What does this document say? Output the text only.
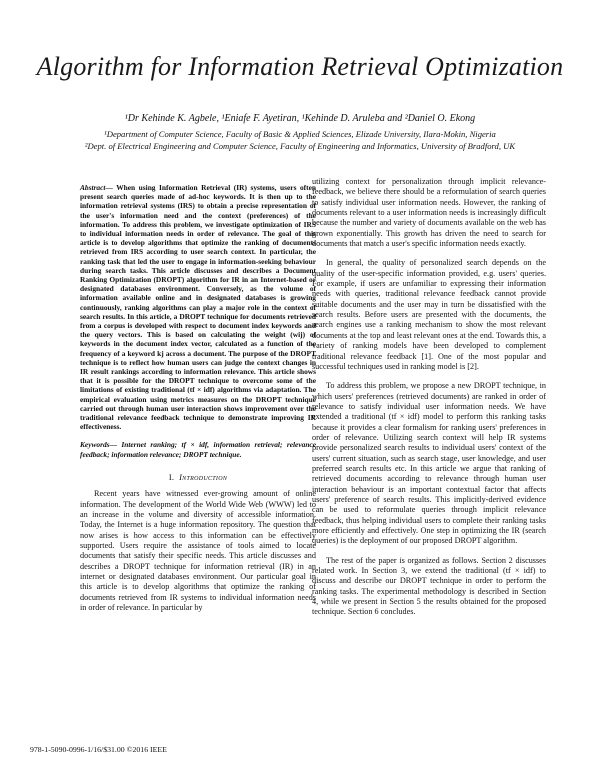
Algorithm for Information Retrieval Optimization
¹Dr Kehinde K. Agbele, ¹Eniafe F. Ayetiran, ¹Kehinde D. Aruleba and ²Daniel O. Ekong
¹Department of Computer Science, Faculty of Basic & Applied Sciences, Elizade University, Ilara-Mokin, Nigeria
²Dept. of Electrical Engineering and Computer Science, Faculty of Engineering and Informatics, University of Bradford, UK
Abstract— When using Information Retrieval (IR) systems, users often present search queries made of ad-hoc keywords. It is then up to the information retrieval systems (IRS) to obtain a precise representation of the user's information need and the context (preferences) of the information. To address this problem, we investigate optimization of IRS to individual information needs in order of relevance. The goal of this article is to develop algorithms that optimize the ranking of documents retrieved from IRS according to user search context. In particular, the ranking task that led the user to engage in information-seeking behaviour during search tasks. This article discusses and describes a Document Ranking Optimization (DROPT) algorithm for IR in an Internet-based or designated databases environment. Conversely, as the volume of information available online and in designated databases is growing continuously, ranking algorithms can play a major role in the context of search results. In this article, a DROPT technique for documents retrieved from a corpus is developed with respect to document index keywords and the query vectors. This is based on calculating the weight (wij) of keywords in the document index vector, calculated as a function of the frequency of a keyword kj across a document. The purpose of the DROPT technique is to reflect how human users can judge the context changes in IR result rankings according to information relevance. This article shows that it is possible for the DROPT technique to overcome some of the limitations of existing traditional (tf × idf) algorithms via adaptation. The empirical evaluation using metrics measures on the DROPT technique carried out through human user interaction shows improvement over the traditional relevance feedback technique to demonstrate improving IR effectiveness.
Keywords— Internet ranking; tf × idf, information retrieval; relevance feedback; information relevance; DROPT technique.
I. Introduction

Recent years have witnessed ever-growing amount of online information. The development of the World Wide Web (WWW) led to an increase in the volume and diversity of accessible information. Today, the Internet is a huge information repository. The question that now arises is how access to this information can be effectively supported. Users require the assistance of tools aimed to locate documents that satisfy their specific needs. This article discusses and describes a DROPT technique for information retrieval (IR) in an internet or designated databases environment. Our particular goal in this article is to develop algorithms that optimize the ranking of documents retrieved from IR systems to individual information needs in order of relevance. In particular by

utilizing context for personalization through implicit relevance-feedback, we believe there should be a reformulation of search queries to satisfy individual user information needs. However, the ranking of documents relevant to a user information needs is increasingly difficult because the number and variety of documents available on the web has grown exponentially. This growth has driven the need to search for documents that match a user's specific information needs exactly.

In general, the quality of personalized search depends on the quality of the user-specific information provided, e.g. users' queries. For example, if users are unfamiliar to expressing their information needs with queries, traditional relevance feedback cannot provide suitable documents and the user may in turn be dissatisfied with the search results. Before users are presented with the documents, the search engines use a ranking mechanism to show the most relevant documents at the top and least relevant ones at the end. Towards this, a variety of ranking models have been developed to complement traditional relevance feedback [1]. One of the most popular and successful techniques used in ranking model is [2].

To address this problem, we propose a new DROPT technique, in which users' preferences (retrieved documents) are ranked in order of relevance to satisfy individual user information needs. We have extended a traditional (tf × idf) model to perform this ranking tasks because it provides a clear formalism for ranking users' preferences in order of relevance. Utilizing search context will help IR systems provide personalized search results to individual users' context of the users' current situation, such as search stage, user knowledge, and user preferred search results etc. In this article we argue that ranking of retrieved documents according to relevance through human user interaction behaviour is an important contextual factor that affects users' preference of search results. This implicitly-derived evidence can be used to reformulate queries through implicit relevance feedback, thus helping individual users to complete their ranking tasks more efficiently and effectively. One step in optimizing the IR (search queries) is the deployment of our proposed DROPT algorithm.

The rest of the paper is organized as follows. Section 2 discusses related work. In Section 3, we extend the traditional (tf × idf) to discuss and describe our DROPT technique in order to perform the ranking tasks. The experimental methodology is described in Section 4, while we present in Section 5 the results obtained for the proposed technique. Section 6 concludes.

978-1-5090-0996-1/16/$31.00 ©2016 IEEE
